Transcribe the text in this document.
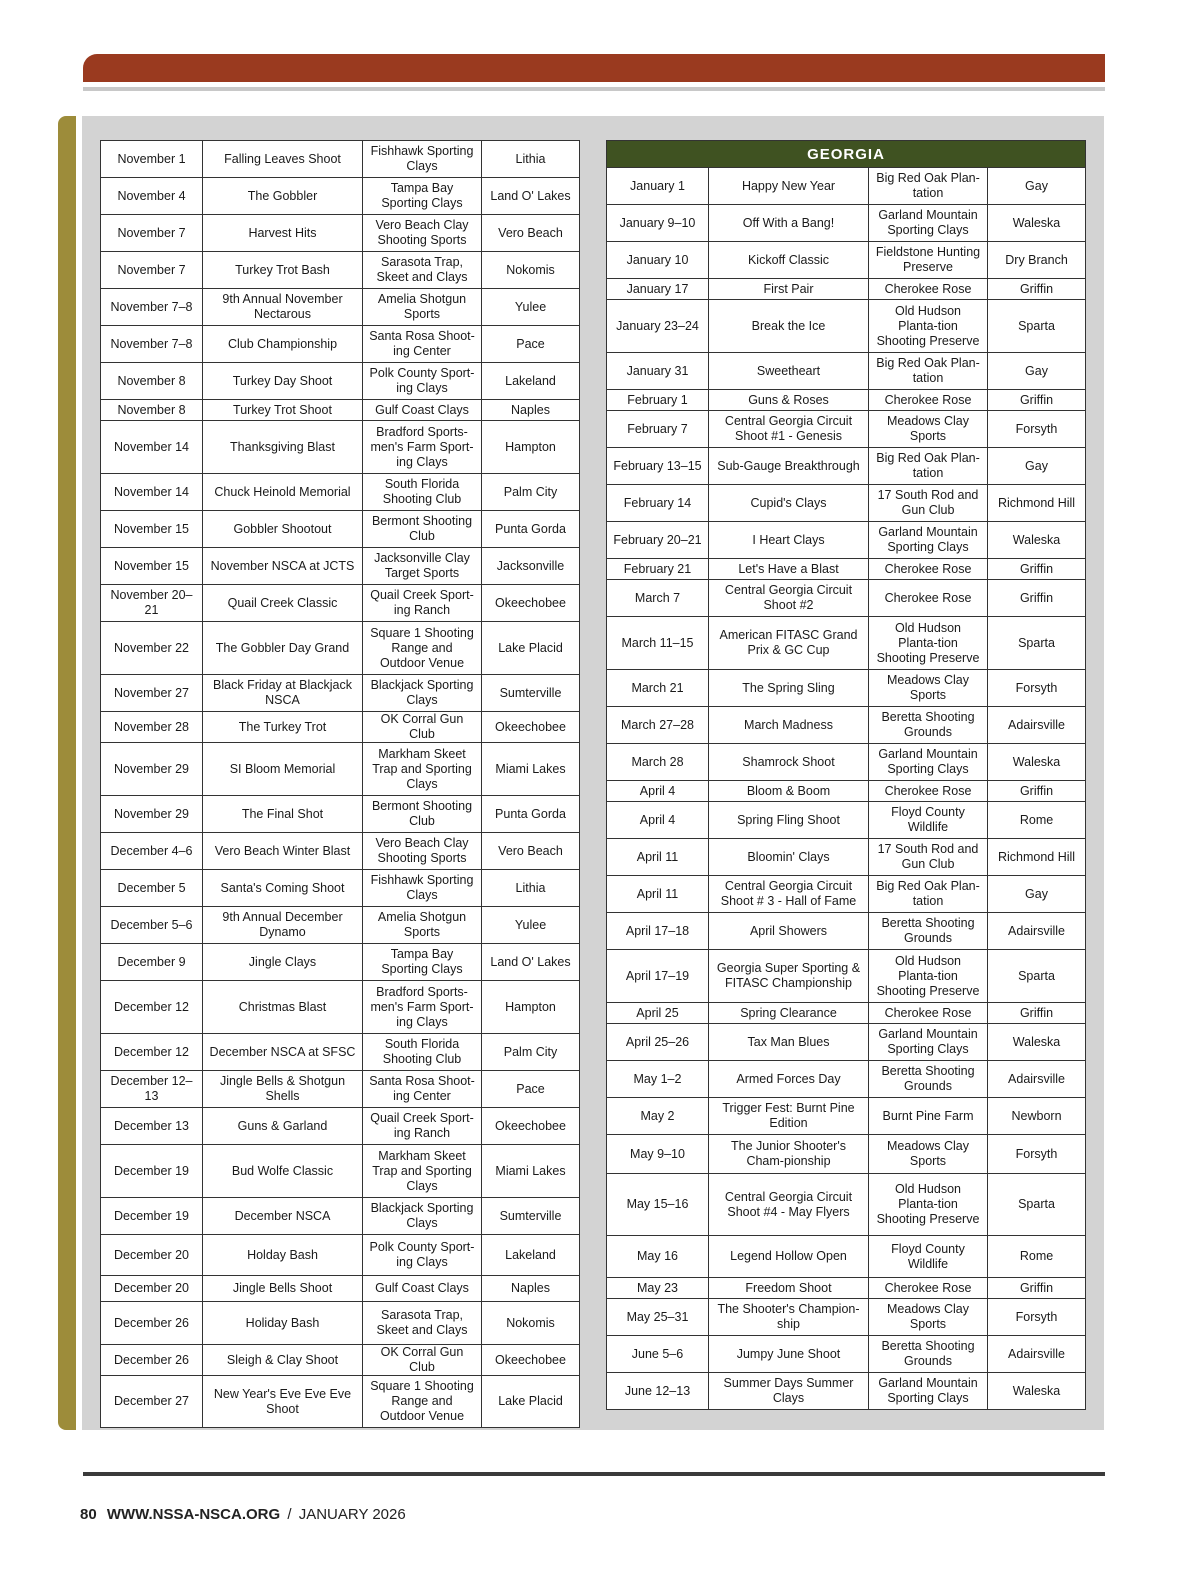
November 1	Falling Leaves Shoot	Fishhawk Sporting Clays	Lithia
November 4	The Gobbler	Tampa Bay Sporting Clays	Land O' Lakes
November 7	Harvest Hits	Vero Beach Clay Shooting Sports	Vero Beach
November 7	Turkey Trot Bash	Sarasota Trap, Skeet and Clays	Nokomis
November 7–8	9th Annual November Nectarous	Amelia Shotgun Sports	Yulee
November 7–8	Club Championship	Santa Rosa Shoot-ing Center	Pace
November 8	Turkey Day Shoot	Polk County Sport-ing Clays	Lakeland
November 8	Turkey Trot Shoot	Gulf Coast Clays	Naples
November 14	Thanksgiving Blast	Bradford Sports-men's Farm Sport-ing Clays	Hampton
November 14	Chuck Heinold Memorial	South Florida Shooting Club	Palm City
November 15	Gobbler Shootout	Bermont Shooting Club	Punta Gorda
November 15	November NSCA at JCTS	Jacksonville Clay Target Sports	Jacksonville
November 20–21	Quail Creek Classic	Quail Creek Sport-ing Ranch	Okeechobee
November 22	The Gobbler Day Grand	Square 1 Shooting Range and Outdoor Venue	Lake Placid
November 27	Black Friday at Blackjack NSCA	Blackjack Sporting Clays	Sumterville
November 28	The Turkey Trot	OK Corral Gun Club	Okeechobee
November 29	SI Bloom Memorial	Markham Skeet Trap and Sporting Clays	Miami Lakes
November 29	The Final Shot	Bermont Shooting Club	Punta Gorda
December 4–6	Vero Beach Winter Blast	Vero Beach Clay Shooting Sports	Vero Beach
December 5	Santa's Coming Shoot	Fishhawk Sporting Clays	Lithia
December 5–6	9th Annual December Dynamo	Amelia Shotgun Sports	Yulee
December 9	Jingle Clays	Tampa Bay Sporting Clays	Land O' Lakes
December 12	Christmas Blast	Bradford Sports-men's Farm Sport-ing Clays	Hampton
December 12	December NSCA at SFSC	South Florida Shooting Club	Palm City
December 12–13	Jingle Bells & Shotgun Shells	Santa Rosa Shoot-ing Center	Pace
December 13	Guns & Garland	Quail Creek Sport-ing Ranch	Okeechobee
December 19	Bud Wolfe Classic	Markham Skeet Trap and Sporting Clays	Miami Lakes
December 19	December NSCA	Blackjack Sporting Clays	Sumterville
December 20	Holday Bash	Polk County Sport-ing Clays	Lakeland
December 20	Jingle Bells Shoot	Gulf Coast Clays	Naples
December 26	Holiday Bash	Sarasota Trap, Skeet and Clays	Nokomis
December 26	Sleigh & Clay Shoot	OK Corral Gun Club	Okeechobee
December 27	New Year's Eve Eve Eve Shoot	Square 1 Shooting Range and Outdoor Venue	Lake Placid
GEORGIA			
January 1	Happy New Year	Big Red Oak Plan-tation	Gay
January 9–10	Off With a Bang!	Garland Mountain Sporting Clays	Waleska
January 10	Kickoff Classic	Fieldstone Hunting Preserve	Dry Branch
January 17	First Pair	Cherokee Rose	Griffin
January 23–24	Break the Ice	Old Hudson Planta-tion Shooting Preserve	Sparta
January 31	Sweetheart	Big Red Oak Plan-tation	Gay
February 1	Guns & Roses	Cherokee Rose	Griffin
February 7	Central Georgia Circuit Shoot #1 - Genesis	Meadows Clay Sports	Forsyth
February 13–15	Sub-Gauge Breakthrough	Big Red Oak Plan-tation	Gay
February 14	Cupid's Clays	17 South Rod and Gun Club	Richmond Hill
February 20–21	I Heart Clays	Garland Mountain Sporting Clays	Waleska
February 21	Let's Have a Blast	Cherokee Rose	Griffin
March 7	Central Georgia Circuit Shoot #2	Cherokee Rose	Griffin
March 11–15	American FITASC Grand Prix & GC Cup	Old Hudson Planta-tion Shooting Preserve	Sparta
March 21	The Spring Sling	Meadows Clay Sports	Forsyth
March 27–28	March Madness	Beretta Shooting Grounds	Adairsville
March 28	Shamrock Shoot	Garland Mountain Sporting Clays	Waleska
April 4	Bloom & Boom	Cherokee Rose	Griffin
April 4	Spring Fling Shoot	Floyd County Wildlife	Rome
April 11	Bloomin' Clays	17 South Rod and Gun Club	Richmond Hill
April 11	Central Georgia Circuit Shoot # 3 - Hall of Fame	Big Red Oak Plan-tation	Gay
April 17–18	April Showers	Beretta Shooting Grounds	Adairsville
April 17–19	Georgia Super Sporting & FITASC Championship	Old Hudson Planta-tion Shooting Preserve	Sparta
April 25	Spring Clearance	Cherokee Rose	Griffin
April 25–26	Tax Man Blues	Garland Mountain Sporting Clays	Waleska
May 1–2	Armed Forces Day	Beretta Shooting Grounds	Adairsville
May 2	Trigger Fest: Burnt Pine Edition	Burnt Pine Farm	Newborn
May 9–10	The Junior Shooter's Cham-pionship	Meadows Clay Sports	Forsyth
May 15–16	Central Georgia Circuit Shoot #4 - May Flyers	Old Hudson Planta-tion Shooting Preserve	Sparta
May 16	Legend Hollow Open	Floyd County Wildlife	Rome
May 23	Freedom Shoot	Cherokee Rose	Griffin
May 25–31	The Shooter's Champion-ship	Meadows Clay Sports	Forsyth
June 5–6	Jumpy June Shoot	Beretta Shooting Grounds	Adairsville
June 12–13	Summer Days Summer Clays	Garland Mountain Sporting Clays	Waleska
80 WWW.NSSA-NSCA.ORG / JANUARY 2026
